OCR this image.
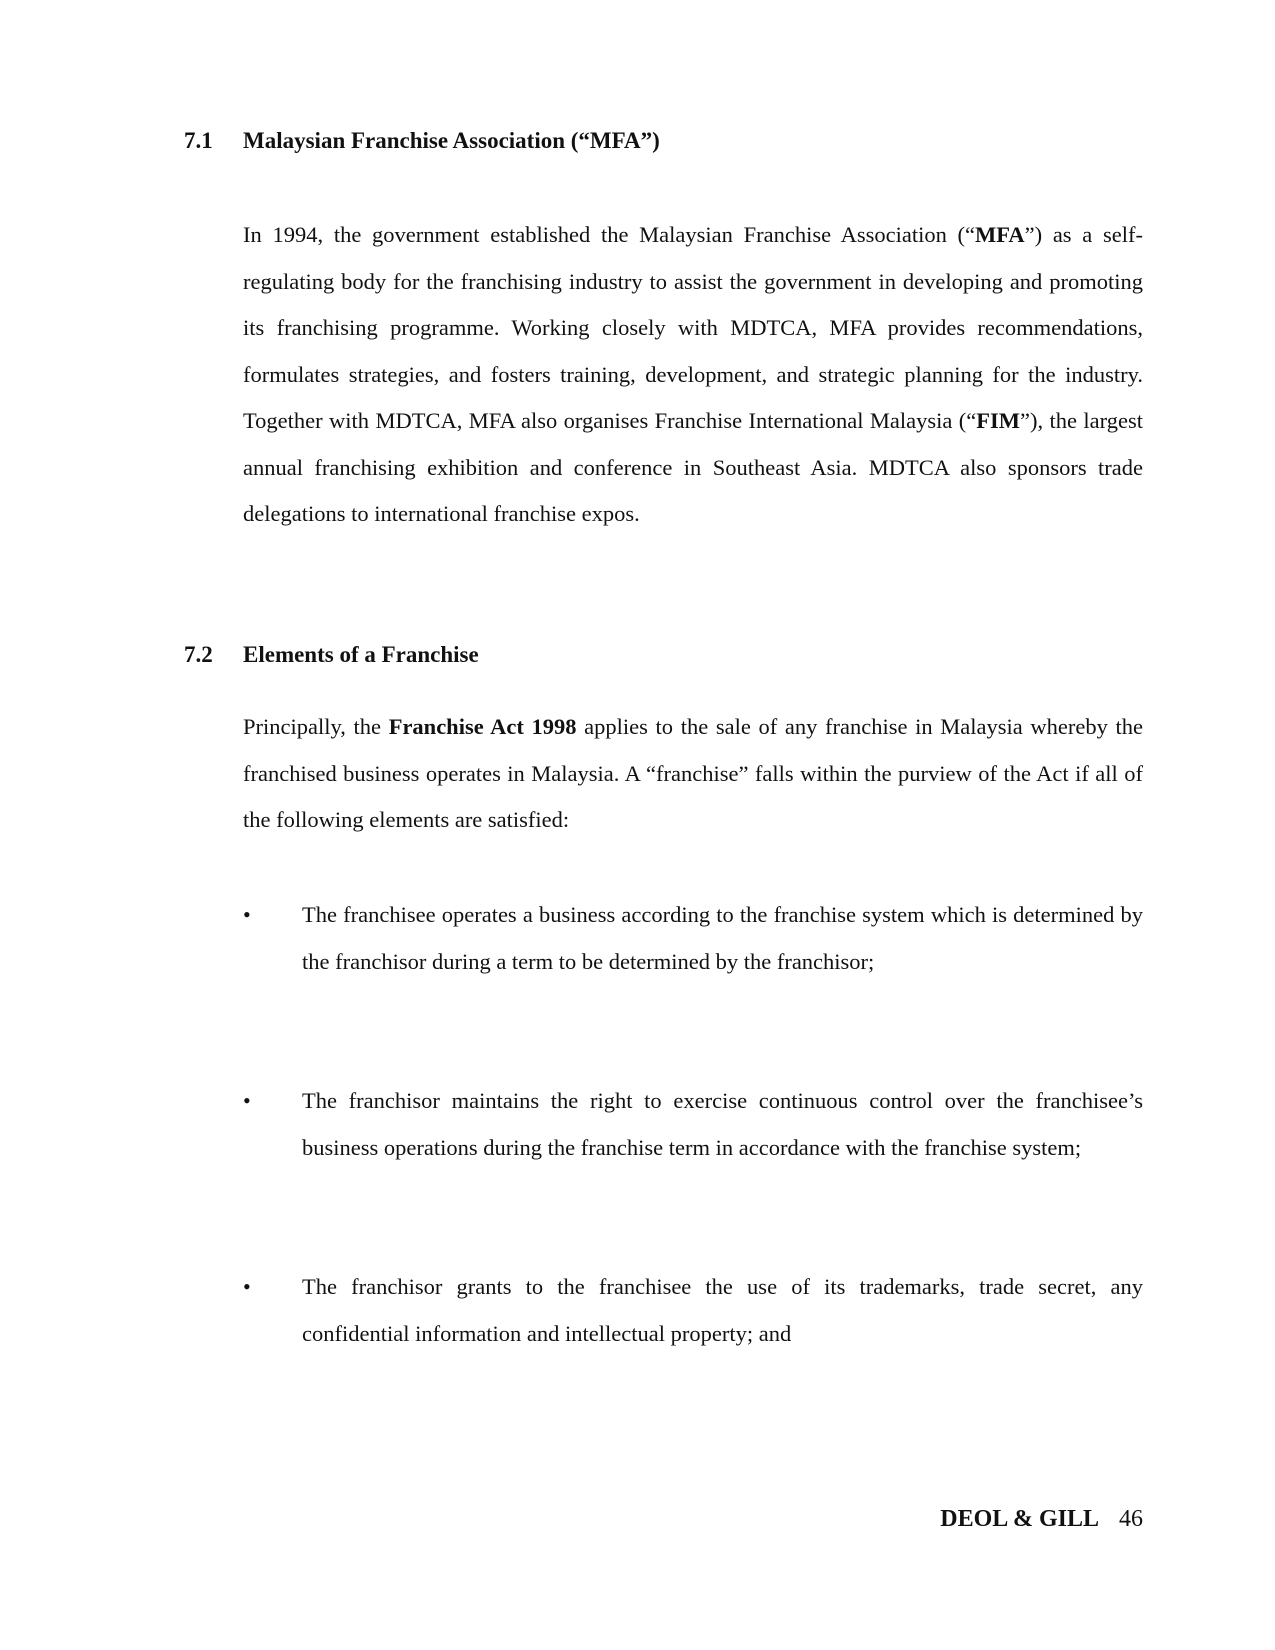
7.1 Malaysian Franchise Association (“MFA”)

In 1994, the government established the Malaysian Franchise Association (“MFA”) as a self-regulating body for the franchising industry to assist the government in developing and promoting its franchising programme. Working closely with MDTCA, MFA provides recommendations, formulates strategies, and fosters training, development, and strategic planning for the industry. Together with MDTCA, MFA also organises Franchise International Malaysia (“FIM”), the largest annual franchising exhibition and conference in Southeast Asia. MDTCA also sponsors trade delegations to international franchise expos.

7.2 Elements of a Franchise

Principally, the Franchise Act 1998 applies to the sale of any franchise in Malaysia whereby the franchised business operates in Malaysia. A “franchise” falls within the purview of the Act if all of the following elements are satisfied:

• The franchisee operates a business according to the franchise system which is determined by the franchisor during a term to be determined by the franchisor;

• The franchisor maintains the right to exercise continuous control over the franchisee’s business operations during the franchise term in accordance with the franchise system;

• The franchisor grants to the franchisee the use of its trademarks, trade secret, any confidential information and intellectual property; and

DEOL & GILL 46
